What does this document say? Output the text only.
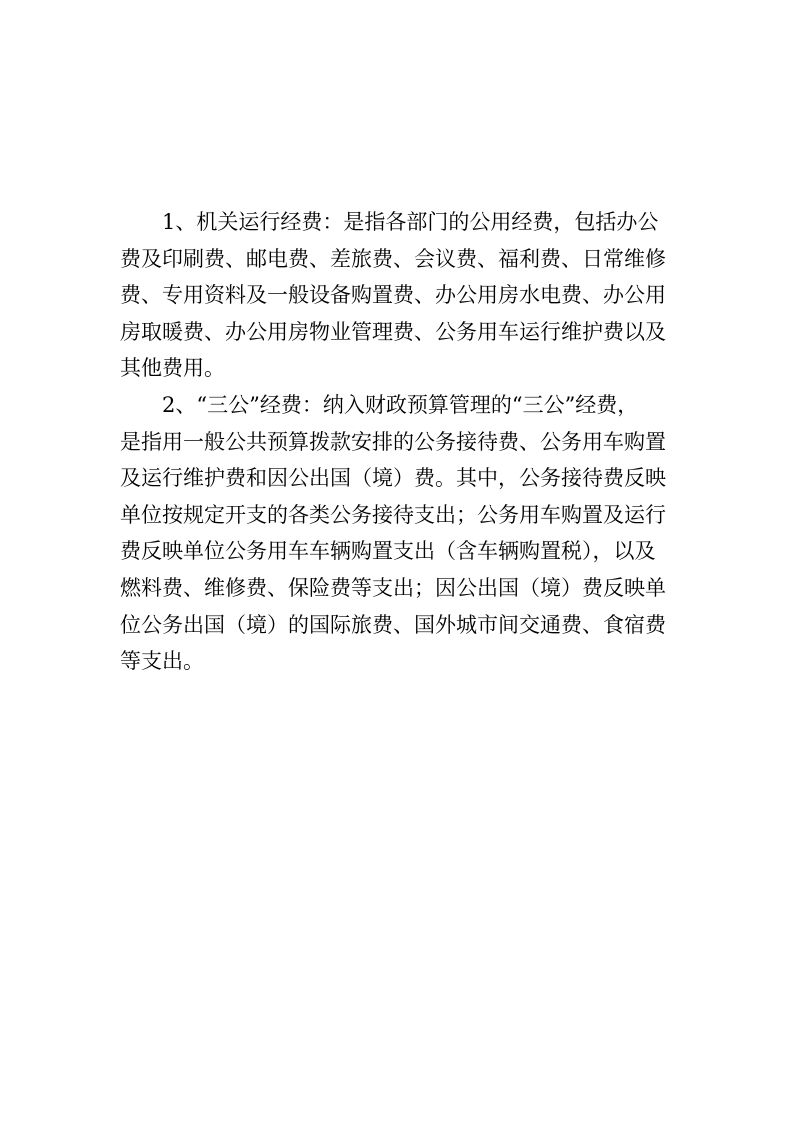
1、机关运行经费：是指各部门的公用经费，包括办公
费及印刷费、邮电费、差旅费、会议费、福利费、日常维修
费、专用资料及一般设备购置费、办公用房水电费、办公用
房取暖费、办公用房物业管理费、公务用车运行维护费以及
其他费用。
2、“三公”经费：纳入财政预算管理的“三公”经费，
是指用一般公共预算拨款安排的公务接待费、公务用车购置
及运行维护费和因公出国（境）费。其中，公务接待费反映
单位按规定开支的各类公务接待支出；公务用车购置及运行
费反映单位公务用车车辆购置支出（含车辆购置税），以及
燃料费、维修费、保险费等支出；因公出国（境）费反映单
位公务出国（境）的国际旅费、国外城市间交通费、食宿费
等支出。
